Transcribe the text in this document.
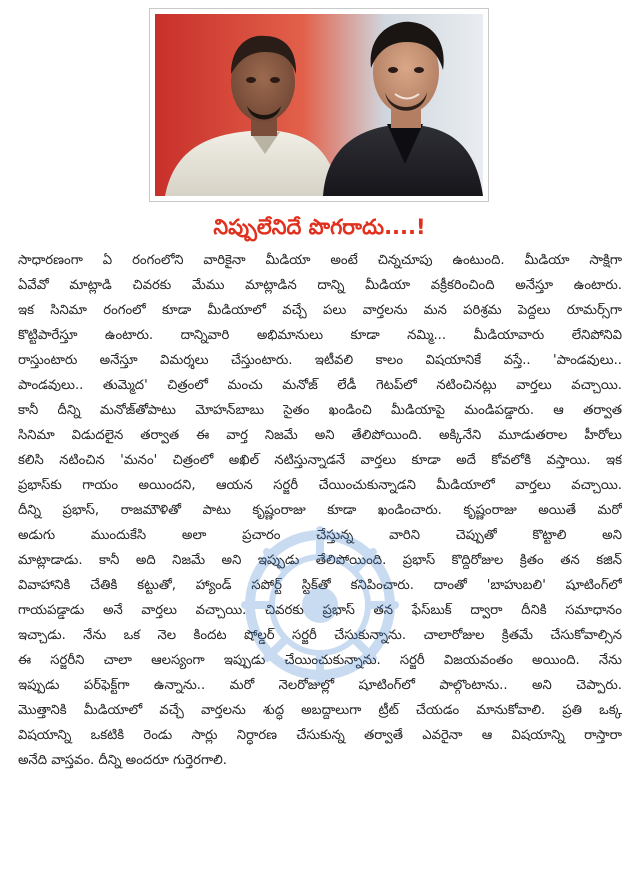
నిప్పులేనిదే పొగరాదు....!
సాధారణంగా ఏ రంగంలోని వారికైనా మీడియా అంటే చిన్నచూపు ఉంటుంది. మీడియా సాక్షిగా
ఏవేవో మాట్లాడి చివరకు మేము మాట్లాడిన దాన్ని మీడియా వక్రీకరించింది అనేస్తూ ఉంటారు.
ఇక సినిమా రంగంలో కూడా మీడియాలో వచ్చే పలు వార్తలను మన పరిశ్రమ పెద్దలు రూమర్స్‌గా
కొట్టిపారేస్తూ ఉంటారు. దాన్నివారి అభిమానులు కూడా నమ్మి... మీడియావారు లేనిపోనివి
రాస్తుంటారు అనేస్తూ విమర్శలు చేస్తుంటారు. ఇటీవలి కాలం విషయానికే వస్తే.. 'పాండవులు..
పాండవులు.. తుమ్మెద' చిత్రంలో మంచు మనోజ్‌ లేడీ గెటప్‌లో నటించినట్లు వార్తలు వచ్చాయి.
కానీ దీన్ని మనోజ్‌తోపాటు మోహన్‌బాబు సైతం ఖండించి మీడియాపై మండిపడ్డారు. ఆ తర్వాత
సినిమా విడుదలైన తర్వాత ఈ వార్త నిజమే అని తేలిపోయింది. అక్కినేని మూడుతరాల హీరోలు
కలిసి నటించిన 'మనం' చిత్రంలో అఖిల్‌ నటిస్తున్నాడనే వార్తలు కూడా అదే కోవలోకి వస్తాయి. ఇక
ప్రభాస్‌కు గాయం అయిందని, ఆయన సర్జరీ చేయించుకున్నాడని మీడియాలో వార్తలు వచ్చాయి.
దీన్ని ప్రభాస్‌, రాజమౌళితో పాటు కృష్ణంరాజు కూడా ఖండించారు. కృష్ణంరాజు అయితే మరో
అడుగు ముందుకేసి అలా ప్రచారం చేస్తున్న వారిని చెప్పుతో కొట్టాలి అని
మాట్లాడాడు. కానీ అది నిజమే అని ఇప్పుడు తేలిపోయింది. ప్రభాస్‌ కొద్దిరోజుల క్రితం తన కజిన్‌
వివాహానికి చేతికి కట్టుతో, హ్యాండ్‌ సపోర్ట్‌ స్టిక్‌తో కనిపించారు. దాంతో 'బాహుబలి' షూటింగ్‌లో
గాయపడ్డాడు అనే వార్తలు వచ్చాయి. చివరకు ప్రభాస్‌ తన ఫేస్‌బుక్‌ ద్వారా దీనికి సమాధానం
ఇచ్చాడు. నేను ఒక నెల కిందట షోల్డర్‌ సర్జరీ చేసుకున్నాను. చాలారోజుల క్రితమే చేసుకోవాల్సిన
ఈ సర్జరీని చాలా ఆలస్యంగా ఇప్పుడు చేయించుకున్నాను. సర్జరీ విజయవంతం అయింది. నేను
ఇప్పుడు పర్‌ఫెక్ట్‌గా ఉన్నాను.. మరో నెలరోజుల్లో షూటింగ్‌లో పాల్గొంటాను.. అని చెప్పారు.
మొత్తానికి మీడియాలో వచ్చే వార్తలను శుద్ధ అబద్దాలుగా ట్రీట్‌ చేయడం మానుకోవాలి. ప్రతి ఒక్క
విషయాన్ని ఒకటికి రెండు సార్లు నిర్ధారణ చేసుకున్న తర్వాతే ఎవరైనా ఆ విషయాన్ని రాస్తారా
అనేది వాస్తవం. దీన్ని అందరూ గుర్తెరగాలి.
